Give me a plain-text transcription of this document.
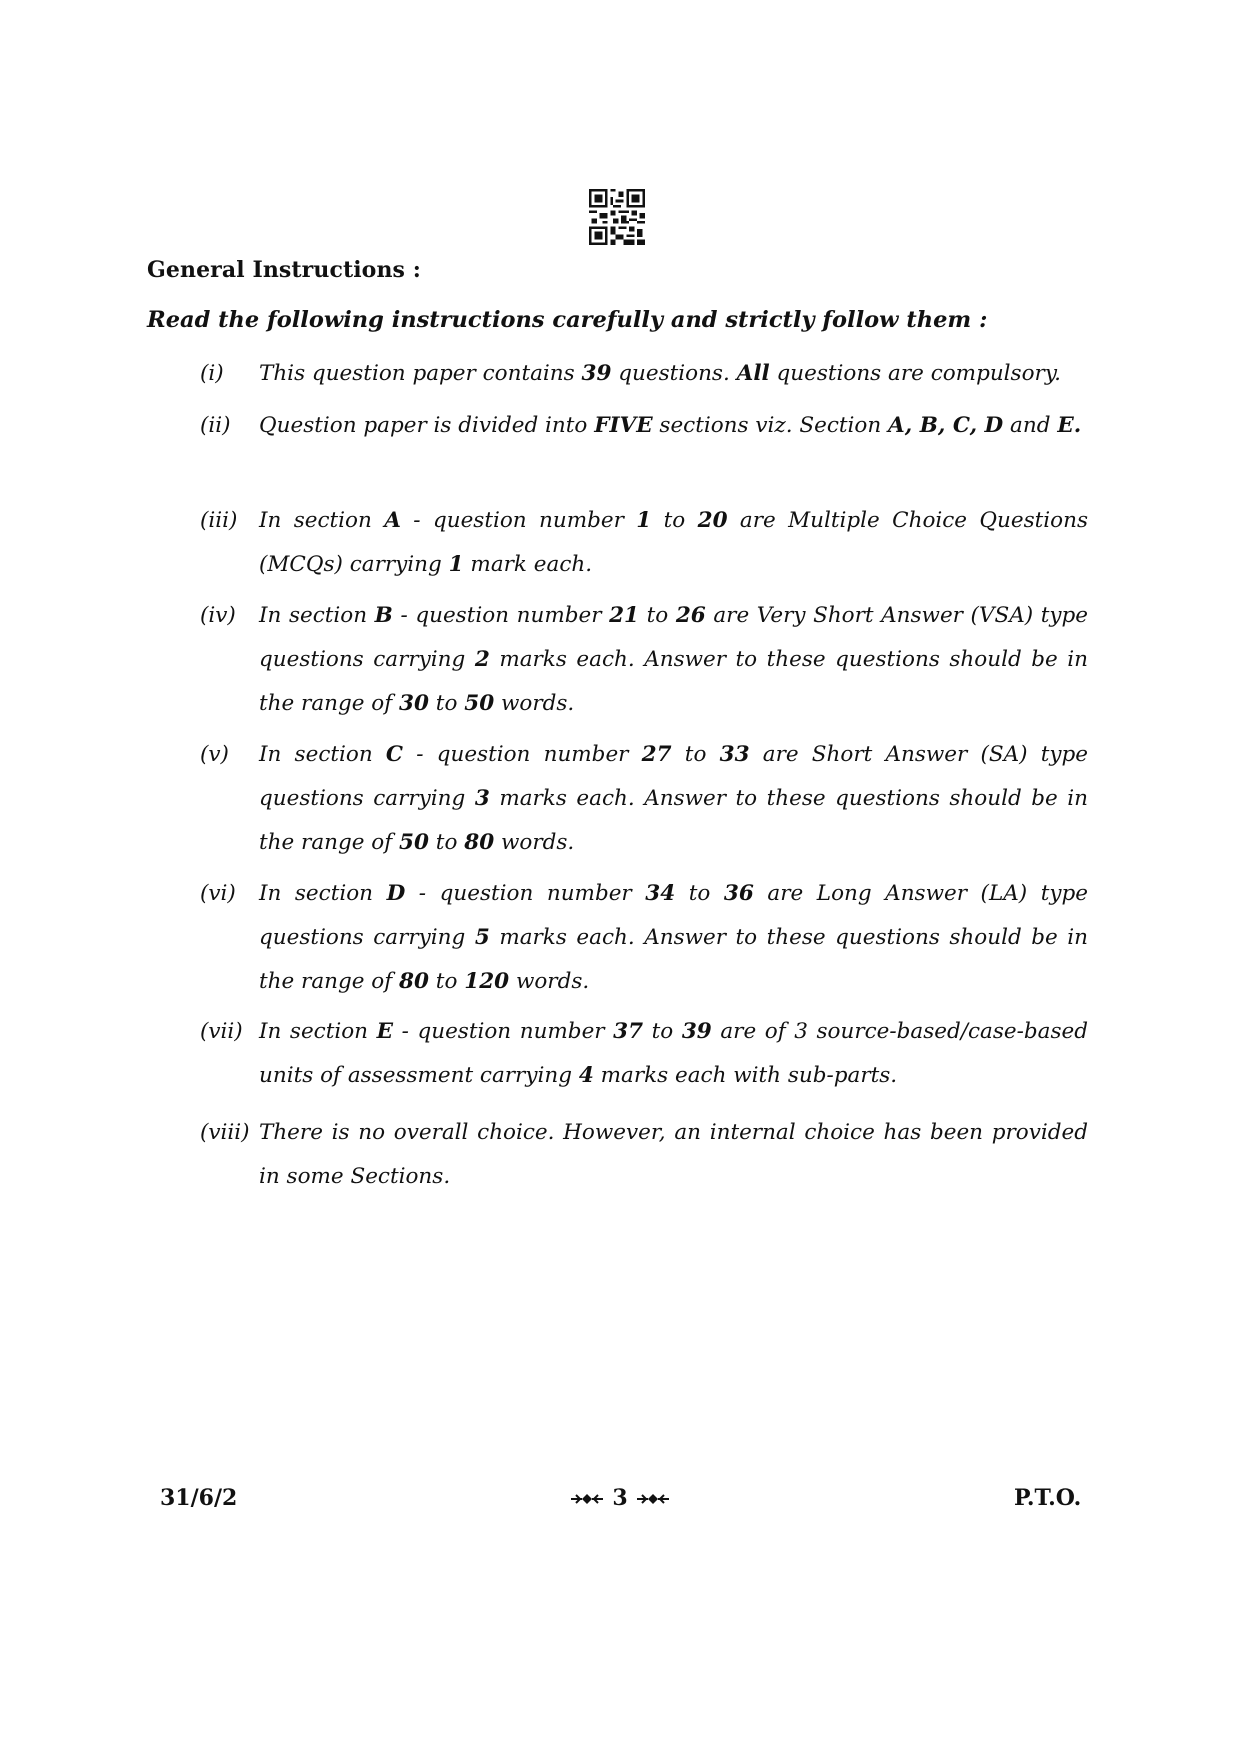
General Instructions :

Read the following instructions carefully and strictly follow them :

(i) This question paper contains 39 questions. All questions are compulsory.
(ii) Question paper is divided into FIVE sections viz. Section A, B, C, D and E.
(iii) In section A - question number 1 to 20 are Multiple Choice Questions (MCQs) carrying 1 mark each.
(iv) In section B - question number 21 to 26 are Very Short Answer (VSA) type questions carrying 2 marks each. Answer to these questions should be in the range of 30 to 50 words.
(v) In section C - question number 27 to 33 are Short Answer (SA) type questions carrying 3 marks each. Answer to these questions should be in the range of 50 to 80 words.
(vi) In section D - question number 34 to 36 are Long Answer (LA) type questions carrying 5 marks each. Answer to these questions should be in the range of 80 to 120 words.
(vii) In section E - question number 37 to 39 are of 3 source-based/case-based units of assessment carrying 4 marks each with sub-parts.
(viii) There is no overall choice. However, an internal choice has been provided in some Sections.
31/6/2	3	P.T.O.
